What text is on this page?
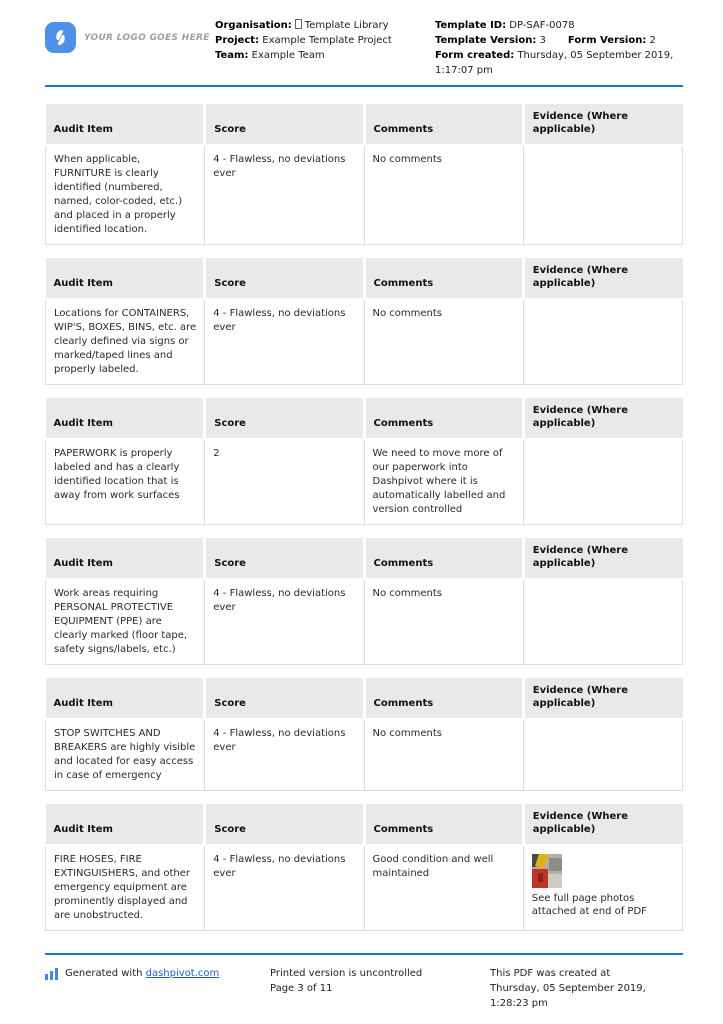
YOUR LOGO GOES HERE
Organisation: Template Library
Project: Example Template Project
Team: Example Team
Template ID: DP-SAF-0078
Template Version: 3 Form Version: 2
Form created: Thursday, 05 September 2019, 1:17:07 pm
Audit Item	Score	Comments	Evidence (Where applicable)
When applicable, FURNITURE is clearly identified (numbered, named, color-coded, etc.) and placed in a properly identified location.	4 - Flawless, no deviations ever	No comments	
Audit Item	Score	Comments	Evidence (Where applicable)
Locations for CONTAINERS, WIP'S, BOXES, BINS, etc. are clearly defined via signs or marked/taped lines and properly labeled.	4 - Flawless, no deviations ever	No comments	
Audit Item	Score	Comments	Evidence (Where applicable)
PAPERWORK is properly labeled and has a clearly identified location that is away from work surfaces	2	We need to move more of our paperwork into Dashpivot where it is automatically labelled and version controlled	
Audit Item	Score	Comments	Evidence (Where applicable)
Work areas requiring PERSONAL PROTECTIVE EQUIPMENT (PPE) are clearly marked (floor tape, safety signs/labels, etc.)	4 - Flawless, no deviations ever	No comments	
Audit Item	Score	Comments	Evidence (Where applicable)
STOP SWITCHES AND BREAKERS are highly visible and located for easy access in case of emergency	4 - Flawless, no deviations ever	No comments	
Audit Item	Score	Comments	Evidence (Where applicable)
FIRE HOSES, FIRE EXTINGUISHERS, and other emergency equipment are prominently displayed and are unobstructed.	4 - Flawless, no deviations ever	Good condition and well maintained	See full page photos attached at end of PDF
Generated with dashpivot.com	Printed version is uncontrolled
Page 3 of 11
This PDF was created at Thursday, 05 September 2019, 1:28:23 pm
